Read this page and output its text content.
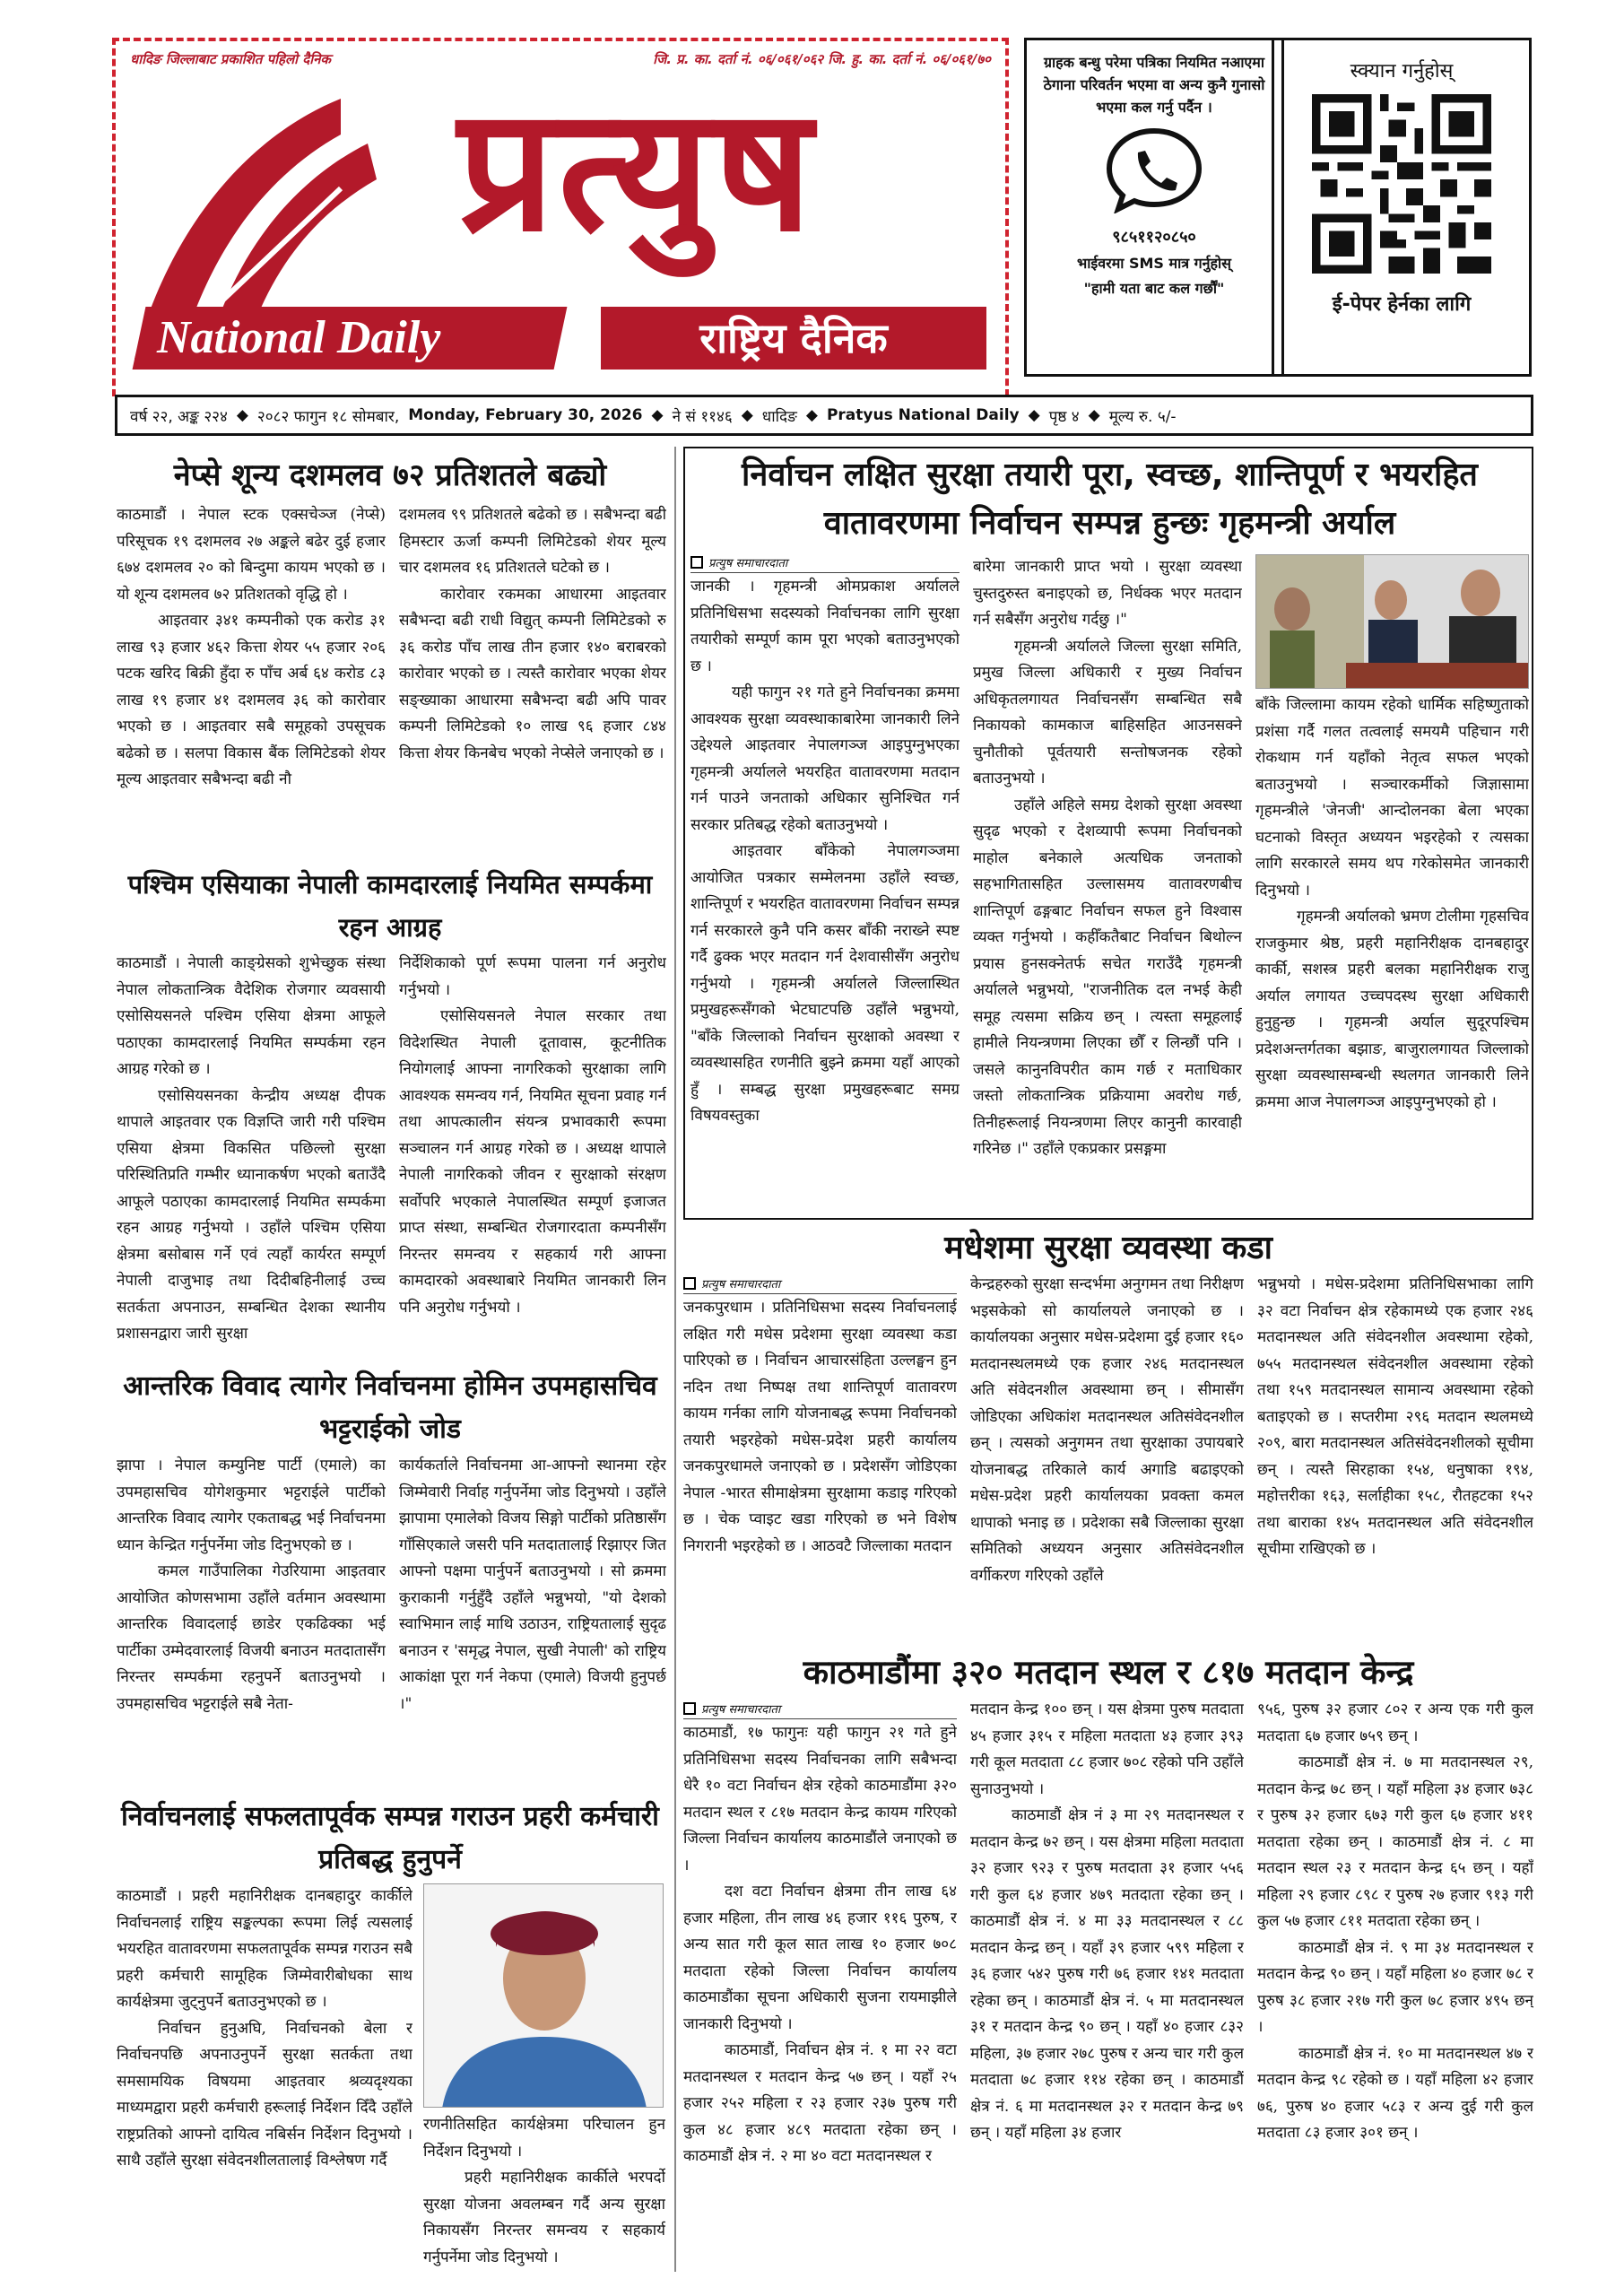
धादिङ जिल्लाबाट प्रकाशित पहिलो दैनिक	जि. प्र. का. दर्ता नं. ०६/०६१/०६२ जि. हु. का. दर्ता नं. ०६/०६१/७०
प्रत्युष
National Daily	राष्ट्रिय दैनिक
ग्राहक बन्धु परेमा पत्रिका नियमित नआएमा ठेगाना परिवर्तन भएमा वा अन्य कुनै गुनासो भएमा कल गर्नु पर्दैन ।
९८५११२०८५०
भाईवरमा SMS मात्र गर्नुहोस्
"हामी यता बाट कल गर्छौं"
स्क्यान गर्नुहोस्
ई-पेपर हेर्नका लागि
वर्ष २२, अङ्क २२४ ◆ २०८२ फागुन १८ सोमबार, Monday, February 30, 2026 ◆ ने सं ११४६ ◆ धादिङ ◆ Pratyus National Daily ◆ पृष्ठ ४ ◆ मूल्य रु. ५/-
नेप्से शून्य दशमलव ७२ प्रतिशतले बढ्यो

काठमाडौं । नेपाल स्टक एक्सचेञ्ज (नेप्से) परिसूचक १९ दशमलव २७ अङ्कले बढेर दुई हजार ६७४ दशमलव २० को बिन्दुमा कायम भएको छ । यो शून्य दशमलव ७२ प्रतिशतको वृद्धि हो ।

आइतवार ३४१ कम्पनीको एक करोड ३१ लाख ९३ हजार ४६२ कित्ता शेयर ५५ हजार २०६ पटक खरिद बिक्री हुँदा रु पाँच अर्ब ६४ करोड ८३ लाख १९ हजार ४१ दशमलव ३६ को कारोवार भएको छ । आइतवार सबै समूहको उपसूचक बढेको छ । सलपा विकास बैंक लिमिटेडको शेयर मूल्य आइतवार सबैभन्दा बढी नौ

दशमलव ९९ प्रतिशतले बढेको छ । सबैभन्दा बढी हिमस्टार ऊर्जा कम्पनी लिमिटेडको शेयर मूल्य चार दशमलव १६ प्रतिशतले घटेको छ ।

कारोवार रकमका आधारमा आइतवार सबैभन्दा बढी राधी विद्युत् कम्पनी लिमिटेडको रु ३६ करोड पाँच लाख तीन हजार १४० बराबरको कारोवार भएको छ । त्यस्तै कारोवार भएका शेयर सङ्ख्याका आधारमा सबैभन्दा बढी अपि पावर कम्पनी लिमिटेडको १० लाख ९६ हजार ८४४ कित्ता शेयर किनबेच भएको नेप्सेले जनाएको छ ।

पश्चिम एसियाका नेपाली कामदारलाई नियमित सम्पर्कमा रहन आग्रह

काठमाडौं । नेपाली काङ्ग्रेसको शुभेच्छुक संस्था नेपाल लोकतान्त्रिक वैदेशिक रोजगार व्यवसायी एसोसियसनले पश्चिम एसिया क्षेत्रमा आफूले पठाएका कामदारलाई नियमित सम्पर्कमा रहन आग्रह गरेको छ ।

एसोसियसनका केन्द्रीय अध्यक्ष दीपक थापाले आइतवार एक विज्ञप्ति जारी गरी पश्चिम एसिया क्षेत्रमा विकसित पछिल्लो सुरक्षा परिस्थितिप्रति गम्भीर ध्यानाकर्षण भएको बताउँदै आफूले पठाएका कामदारलाई नियमित सम्पर्कमा रहन आग्रह गर्नुभयो । उहाँले पश्चिम एसिया क्षेत्रमा बसोबास गर्ने एवं त्यहाँ कार्यरत सम्पूर्ण नेपाली दाजुभाइ तथा दिदीबहिनीलाई उच्च सतर्कता अपनाउन, सम्बन्धित देशका स्थानीय प्रशासनद्वारा जारी सुरक्षा

निर्देशिकाको पूर्ण रूपमा पालना गर्न अनुरोध गर्नुभयो ।

एसोसियसनले नेपाल सरकार तथा विदेशस्थित नेपाली दूतावास, कूटनीतिक नियोगलाई आफ्ना नागरिकको सुरक्षाका लागि आवश्यक समन्वय गर्न, नियमित सूचना प्रवाह गर्न तथा आपत्कालीन संयन्त्र प्रभावकारी रूपमा सञ्चालन गर्न आग्रह गरेको छ । अध्यक्ष थापाले नेपाली नागरिकको जीवन र सुरक्षाको संरक्षण सर्वोपरि भएकाले नेपालस्थित सम्पूर्ण इजाजत प्राप्त संस्था, सम्बन्धित रोजगारदाता कम्पनीसँग निरन्तर समन्वय र सहकार्य गरी आफ्ना कामदारको अवस्थाबारे नियमित जानकारी लिन पनि अनुरोध गर्नुभयो ।

आन्तरिक विवाद त्यागेर निर्वाचनमा होमिन उपमहासचिव भट्टराईको जोड

झापा । नेपाल कम्युनिष्ट पार्टी (एमाले) का उपमहासचिव योगेशकुमार भट्टराईले पार्टीको आन्तरिक विवाद त्यागेर एकताबद्ध भई निर्वाचनमा ध्यान केन्द्रित गर्नुपर्नेमा जोड दिनुभएको छ ।

कमल गाउँपालिका गेउरियामा आइतवार आयोजित कोणसभामा उहाँले वर्तमान अवस्थामा आन्तरिक विवादलाई छाडेर एकढिक्का भई पार्टीका उम्मेदवारलाई विजयी बनाउन मतदातासँग निरन्तर सम्पर्कमा रहनुपर्ने बताउनुभयो । उपमहासचिव भट्टराईले सबै नेता-

कार्यकर्ताले निर्वाचनमा आ-आफ्नो स्थानमा रहेर जिम्मेवारी निर्वाह गर्नुपर्नेमा जोड दिनुभयो । उहाँले झापामा एमालेको विजय सिङ्गो पार्टीको प्रतिष्ठासँग गाँसिएकाले जसरी पनि मतदातालाई रिझाएर जित आफ्नो पक्षमा पार्नुपर्ने बताउनुभयो । सो क्रममा कुराकानी गर्नुहुँदै उहाँले भन्नुभयो, "यो देशको स्वाभिमान लाई माथि उठाउन, राष्ट्रियतालाई सुदृढ बनाउन र 'समृद्ध नेपाल, सुखी नेपाली' को राष्ट्रिय आकांक्षा पूरा गर्न नेकपा (एमाले) विजयी हुनुपर्छ ।"

निर्वाचनलाई सफलतापूर्वक सम्पन्न गराउन प्रहरी कर्मचारी प्रतिबद्ध हुनुपर्ने

काठमाडौं । प्रहरी महानिरीक्षक दानबहादुर कार्कीले निर्वाचनलाई राष्ट्रिय सङ्कल्पका रूपमा लिई त्यसलाई भयरहित वातावरणमा सफलतापूर्वक सम्पन्न गराउन सबै प्रहरी कर्मचारी सामूहिक जिम्मेवारीबोधका साथ कार्यक्षेत्रमा जुट्नुपर्ने बताउनुभएको छ ।

निर्वाचन हुनुअघि, निर्वाचनको बेला र निर्वाचनपछि अपनाउनुपर्ने सुरक्षा सतर्कता तथा समसामयिक विषयमा आइतवार श्रव्यदृश्यका माध्यमद्वारा प्रहरी कर्मचारी हरूलाई निर्देशन दिँदै उहाँले राष्ट्रप्रतिको आफ्नो दायित्व नबिर्सन निर्देशन दिनुभयो । साथै उहाँले सुरक्षा संवेदनशीलतालाई विश्लेषण गर्दै

रणनीतिसहित कार्यक्षेत्रमा परिचालन हुन निर्देशन दिनुभयो ।

प्रहरी महानिरीक्षक कार्कीले भरपर्दो सुरक्षा योजना अवलम्बन गर्दै अन्य सुरक्षा निकायसँग निरन्तर समन्वय र सहकार्य गर्नुपर्नेमा जोड दिनुभयो ।

निर्वाचन लक्षित सुरक्षा तयारी पूरा, स्वच्छ, शान्तिपूर्ण र भयरहित वातावरणमा निर्वाचन सम्पन्न हुन्छः गृहमन्त्री अर्याल
प्रत्युष समाचारदाता

जानकी । गृहमन्त्री ओमप्रकाश अर्यालले प्रतिनिधिसभा सदस्यको निर्वाचनका लागि सुरक्षा तयारीको सम्पूर्ण काम पूरा भएको बताउनुभएको छ ।

यही फागुन २१ गते हुने निर्वाचनका क्रममा आवश्यक सुरक्षा व्यवस्थाकाबारेमा जानकारी लिने उद्देश्यले आइतवार नेपालगञ्ज आइपुग्नुभएका गृहमन्त्री अर्यालले भयरहित वातावरणमा मतदान गर्न पाउने जनताको अधिकार सुनिश्चित गर्न सरकार प्रतिबद्ध रहेको बताउनुभयो ।

आइतवार बाँकेको नेपालगञ्जमा आयोजित पत्रकार सम्मेलनमा उहाँले स्वच्छ, शान्तिपूर्ण र भयरहित वातावरणमा निर्वाचन सम्पन्न गर्न सरकारले कुनै पनि कसर बाँकी नराख्ने स्पष्ट गर्दै ढुक्क भएर मतदान गर्न देशवासीसँग अनुरोध गर्नुभयो । गृहमन्त्री अर्यालले जिल्लास्थित प्रमुखहरूसँगको भेटघाटपछि उहाँले भन्नुभयो, "बाँके जिल्लाको निर्वाचन सुरक्षाको अवस्था र व्यवस्थासहित रणनीति बुझ्ने क्रममा यहाँ आएको हुँ । सम्बद्ध सुरक्षा प्रमुखहरूबाट समग्र विषयवस्तुका

बारेमा जानकारी प्राप्त भयो । सुरक्षा व्यवस्था चुस्तदुरुस्त बनाइएको छ, निर्धक्क भएर मतदान गर्न सबैसँग अनुरोध गर्दछु ।"

गृहमन्त्री अर्यालले जिल्ला सुरक्षा समिति, प्रमुख जिल्ला अधिकारी र मुख्य निर्वाचन अधिकृतलगायत निर्वाचनसँग सम्बन्धित सबै निकायको कामकाज बाहिसहित आउनसक्ने चुनौतीको पूर्वतयारी सन्तोषजनक रहेको बताउनुभयो ।

उहाँले अहिले समग्र देशको सुरक्षा अवस्था सुदृढ भएको र देशव्यापी रूपमा निर्वाचनको माहोल बनेकाले अत्यधिक जनताको सहभागितासहित उल्लासमय वातावरणबीच शान्तिपूर्ण ढङ्गबाट निर्वाचन सफल हुने विश्वास व्यक्त गर्नुभयो । कहीँकतैबाट निर्वाचन बिथोल्न प्रयास हुनसक्नेतर्फ सचेत गराउँदै गृहमन्त्री अर्यालले भन्नुभयो, "राजनीतिक दल नभई केही समूह त्यसमा सक्रिय छन् । त्यस्ता समूहलाई हामीले नियन्त्रणमा लिएका छौँ र लिन्छौं पनि । जसले कानुनविपरीत काम गर्छ र मताधिकार जस्तो लोकतान्त्रिक प्रक्रियामा अवरोध गर्छ, तिनीहरूलाई नियन्त्रणमा लिएर कानुनी कारवाही गरिनेछ ।" उहाँले एकप्रकार प्रसङ्गमा

बाँके जिल्लामा कायम रहेको धार्मिक सहिष्णुताको प्रशंसा गर्दै गलत तत्वलाई समयमै पहिचान गरी रोकथाम गर्न यहाँको नेतृत्व सफल भएको बताउनुभयो । सञ्चारकर्मीको जिज्ञासामा गृहमन्त्रीले 'जेनजी' आन्दोलनका बेला भएका घटनाको विस्तृत अध्ययन भइरहेको र त्यसका लागि सरकारले समय थप गरेकोसमेत जानकारी दिनुभयो ।

गृहमन्त्री अर्यालको भ्रमण टोलीमा गृहसचिव राजकुमार श्रेष्ठ, प्रहरी महानिरीक्षक दानबहादुर कार्की, सशस्त्र प्रहरी बलका महानिरीक्षक राजु अर्याल लगायत उच्चपदस्थ सुरक्षा अधिकारी हुनुहुन्छ । गृहमन्त्री अर्याल सुदूरपश्चिम प्रदेशअन्तर्गतका बझाङ, बाजुरालगायत जिल्लाको सुरक्षा व्यवस्थासम्बन्धी स्थलगत जानकारी लिने क्रममा आज नेपालगञ्ज आइपुग्नुभएको हो ।

मधेशमा सुरक्षा व्यवस्था कडा
प्रत्युष समाचारदाता

जनकपुरधाम । प्रतिनिधिसभा सदस्य निर्वाचनलाई लक्षित गरी मधेस प्रदेशमा सुरक्षा व्यवस्था कडा पारिएको छ । निर्वाचन आचारसंहिता उल्लङ्घन हुन नदिन तथा निष्पक्ष तथा शान्तिपूर्ण वातावरण कायम गर्नका लागि योजनाबद्ध रूपमा निर्वाचनको तयारी भइरहेको मधेस-प्रदेश प्रहरी कार्यालय जनकपुरधामले जनाएको छ । प्रदेशसँग जोडिएका नेपाल -भारत सीमाक्षेत्रमा सुरक्षामा कडाइ गरिएको छ । चेक प्वाइट खडा गरिएको छ भने विशेष निगरानी भइरहेको छ । आठवटै जिल्लाका मतदान

केन्द्रहरुको सुरक्षा सन्दर्भमा अनुगमन तथा निरीक्षण भइसकेको सो कार्यालयले जनाएको छ । कार्यालयका अनुसार मधेस-प्रदेशमा दुई हजार १६० मतदानस्थलमध्ये एक हजार २४६ मतदानस्थल अति संवेदनशील अवस्थामा छन् । सीमासँग जोडिएका अधिकांश मतदानस्थल अतिसंवेदनशील छन् । त्यसको अनुगमन तथा सुरक्षाका उपायबारे योजनाबद्ध तरिकाले कार्य अगाडि बढाइएको मधेस-प्रदेश प्रहरी कार्यालयका प्रवक्ता कमल थापाको भनाइ छ । प्रदेशका सबै जिल्लाका सुरक्षा समितिको अध्ययन अनुसार अतिसंवेदनशील वर्गीकरण गरिएको उहाँले

भन्नुभयो । मधेस-प्रदेशमा प्रतिनिधिसभाका लागि ३२ वटा निर्वाचन क्षेत्र रहेकामध्ये एक हजार २४६ मतदानस्थल अति संवेदनशील अवस्थामा रहेको, ७५५ मतदानस्थल संवेदनशील अवस्थामा रहेको तथा १५९ मतदानस्थल सामान्य अवस्थामा रहेको बताइएको छ । सप्तरीमा २९६ मतदान स्थलमध्ये २०९, बारा मतदानस्थल अतिसंवेदनशीलको सूचीमा छन् । त्यस्तै सिरहाका १५४, धनुषाका १९४, महोत्तरीका १६३, सर्लाहीका १५८, रौतहटका १५२ तथा बाराका १४५ मतदानस्थल अति संवेदनशील सूचीमा राखिएको छ ।

काठमाडौंमा ३२० मतदान स्थल र ८१७ मतदान केन्द्र
प्रत्युष समाचारदाता

काठमाडौं, १७ फागुनः यही फागुन २१ गते हुने प्रतिनिधिसभा सदस्य निर्वाचनका लागि सबैभन्दा धेरै १० वटा निर्वाचन क्षेत्र रहेको काठमाडौंमा ३२० मतदान स्थल र ८१७ मतदान केन्द्र कायम गरिएको जिल्ला निर्वाचन कार्यालय काठमाडौंले जनाएको छ ।

दश वटा निर्वाचन क्षेत्रमा तीन लाख ६४ हजार महिला, तीन लाख ४६ हजार ११६ पुरुष, र अन्य सात गरी कूल सात लाख १० हजार ७०८ मतदाता रहेको जिल्ला निर्वाचन कार्यालय काठमाडौंका सूचना अधिकारी सुजना रायमाझीले जानकारी दिनुभयो ।

काठमाडौं, निर्वाचन क्षेत्र नं. १ मा २२ वटा मतदानस्थल र मतदान केन्द्र ५७ छन् । यहाँ २५ हजार २५२ महिला र २३ हजार २३७ पुरुष गरी कुल ४८ हजार ४८९ मतदाता रहेका छन् । काठमाडौं क्षेत्र नं. २ मा ४० वटा मतदानस्थल र

मतदान केन्द्र १०० छन् । यस क्षेत्रमा पुरुष मतदाता ४५ हजार ३१५ र महिला मतदाता ४३ हजार ३९३ गरी कूल मतदाता ८८ हजार ७०८ रहेको पनि उहाँले सुनाउनुभयो ।

काठमाडौं क्षेत्र नं ३ मा २९ मतदानस्थल र मतदान केन्द्र ७२ छन् । यस क्षेत्रमा महिला मतदाता ३२ हजार ९२३ र पुरुष मतदाता ३१ हजार ५५६ गरी कुल ६४ हजार ४७९ मतदाता रहेका छन् । काठमाडौं क्षेत्र नं. ४ मा ३३ मतदानस्थल र ८८ मतदान केन्द्र छन् । यहाँ ३९ हजार ५९९ महिला र ३६ हजार ५४२ पुरुष गरी ७६ हजार १४१ मतदाता रहेका छन् । काठमाडौं क्षेत्र नं. ५ मा मतदानस्थल ३१ र मतदान केन्द्र ९० छन् । यहाँ ४० हजार ८३२ महिला, ३७ हजार २७८ पुरुष र अन्य चार गरी कुल मतदाता ७८ हजार ११४ रहेका छन् । काठमाडौं क्षेत्र नं. ६ मा मतदानस्थल ३२ र मतदान केन्द्र ७९ छन् । यहाँ महिला ३४ हजार

९५६, पुरुष ३२ हजार ८०२ र अन्य एक गरी कुल मतदाता ६७ हजार ७५९ छन् ।

काठमाडौं क्षेत्र नं. ७ मा मतदानस्थल २९, मतदान केन्द्र ७८ छन् । यहाँ महिला ३४ हजार ७३८ र पुरुष ३२ हजार ६७३ गरी कुल ६७ हजार ४११ मतदाता रहेका छन् । काठमाडौं क्षेत्र नं. ८ मा मतदान स्थल २३ र मतदान केन्द्र ६५ छन् । यहाँ महिला २९ हजार ८९८ र पुरुष २७ हजार ९१३ गरी कुल ५७ हजार ८११ मतदाता रहेका छन् ।

काठमाडौं क्षेत्र नं. ९ मा ३४ मतदानस्थल र मतदान केन्द्र ९० छन् । यहाँ महिला ४० हजार ७८ र पुरुष ३८ हजार २१७ गरी कुल ७८ हजार ४९५ छन् ।

काठमाडौं क्षेत्र नं. १० मा मतदानस्थल ४७ र मतदान केन्द्र ९८ रहेको छ । यहाँ महिला ४२ हजार ७६, पुरुष ४० हजार ५८३ र अन्य दुई गरी कुल मतदाता ८३ हजार ३०१ छन् ।
